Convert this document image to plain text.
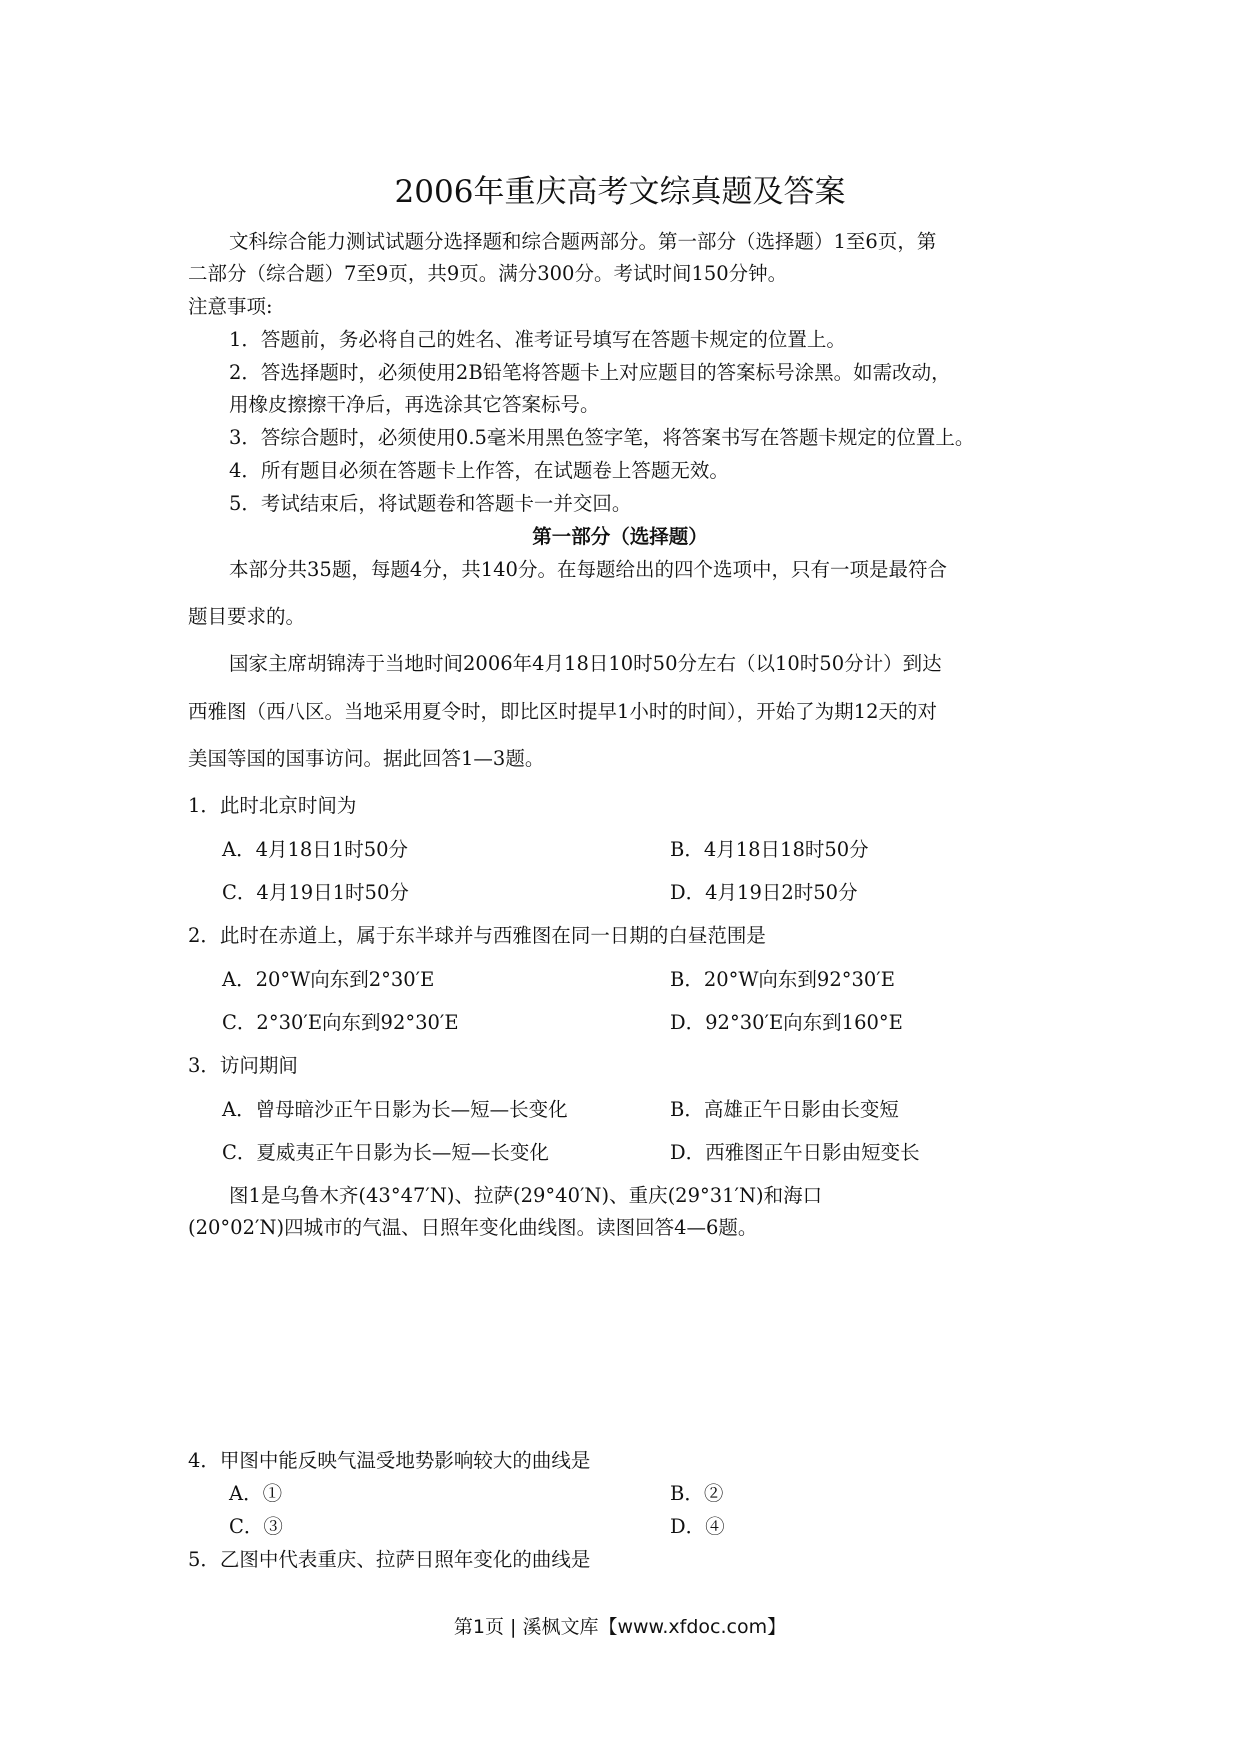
2006年重庆高考文综真题及答案
文科综合能力测试试题分选择题和综合题两部分。第一部分（选择题）1至6页，第
二部分（综合题）7至9页，共9页。满分300分。考试时间150分钟。
注意事项:
1．答题前，务必将自己的姓名、准考证号填写在答题卡规定的位置上。
2．答选择题时，必须使用2B铅笔将答题卡上对应题目的答案标号涂黑。如需改动，
用橡皮擦擦干净后，再选涂其它答案标号。
3．答综合题时，必须使用0.5毫米用黑色签字笔，将答案书写在答题卡规定的位置上。
4．所有题目必须在答题卡上作答，在试题卷上答题无效。
5．考试结束后，将试题卷和答题卡一并交回。
第一部分（选择题）
本部分共35题，每题4分，共140分。在每题给出的四个选项中，只有一项是最符合
题目要求的。
国家主席胡锦涛于当地时间2006年4月18日10时50分左右（以10时50分计）到达
西雅图（西八区。当地采用夏令时，即比区时提早1小时的时间），开始了为期12天的对
美国等国的国事访问。据此回答1—3题。
1．此时北京时间为
A．4月18日1时50分	B．4月18日18时50分
C．4月19日1时50分	D．4月19日2时50分
2．此时在赤道上，属于东半球并与西雅图在同一日期的白昼范围是
A．20°W向东到2°30′E	B．20°W向东到92°30′E
C．2°30′E向东到92°30′E	D．92°30′E向东到160°E
3．访问期间
A．曾母暗沙正午日影为长—短—长变化	B．高雄正午日影由长变短
C．夏威夷正午日影为长—短—长变化	D．西雅图正午日影由短变长
图1是乌鲁木齐(43°47′N)、拉萨(29°40′N)、重庆(29°31′N)和海口
(20°02′N)四城市的气温、日照年变化曲线图。读图回答4—6题。
4．甲图中能反映气温受地势影响较大的曲线是
A．①	B．②
C．③	D．④
5．乙图中代表重庆、拉萨日照年变化的曲线是
第1页 | 溪枫文库【www.xfdoc.com】
